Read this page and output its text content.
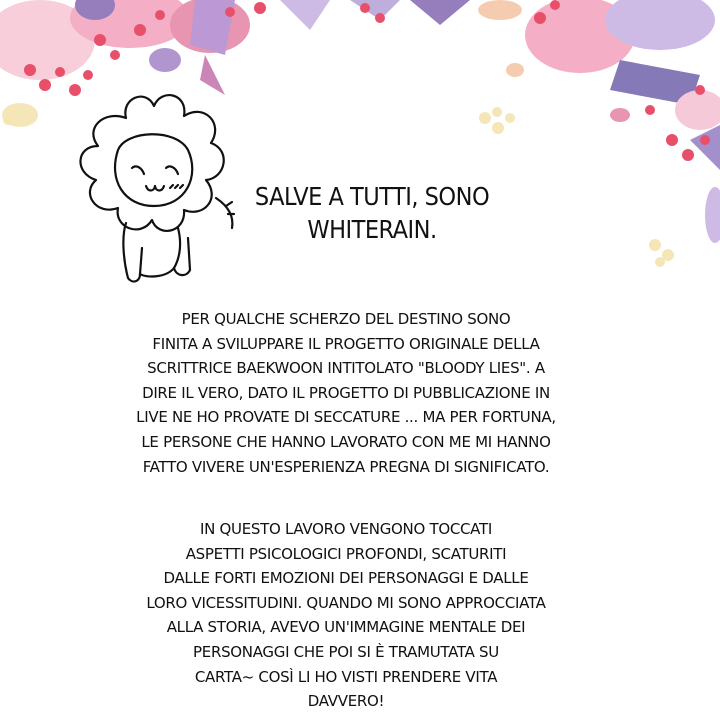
SALVE A TUTTI, SONO
WHITERAIN.
PER QUALCHE SCHERZO DEL DESTINO SONO
FINITA A SVILUPPARE IL PROGETTO ORIGINALE DELLA
SCRITTRICE BAEKWOON INTITOLATO "BLOODY LIES". A
DIRE IL VERO, DATO IL PROGETTO DI PUBBLICAZIONE IN
LIVE NE HO PROVATE DI SECCATURE ... MA PER FORTUNA,
LE PERSONE CHE HANNO LAVORATO CON ME MI HANNO
FATTO VIVERE UN'ESPERIENZA PREGNA DI SIGNIFICATO.
IN QUESTO LAVORO VENGONO TOCCATI
ASPETTI PSICOLOGICI PROFONDI, SCATURITI
DALLE FORTI EMOZIONI DEI PERSONAGGI E DALLE
LORO VICESSITUDINI. QUANDO MI SONO APPROCCIATA
ALLA STORIA, AVEVO UN'IMMAGINE MENTALE DEI
PERSONAGGI CHE POI SI È TRAMUTATA SU
CARTA~ COSÌ LI HO VISTI PRENDERE VITA
DAVVERO!
